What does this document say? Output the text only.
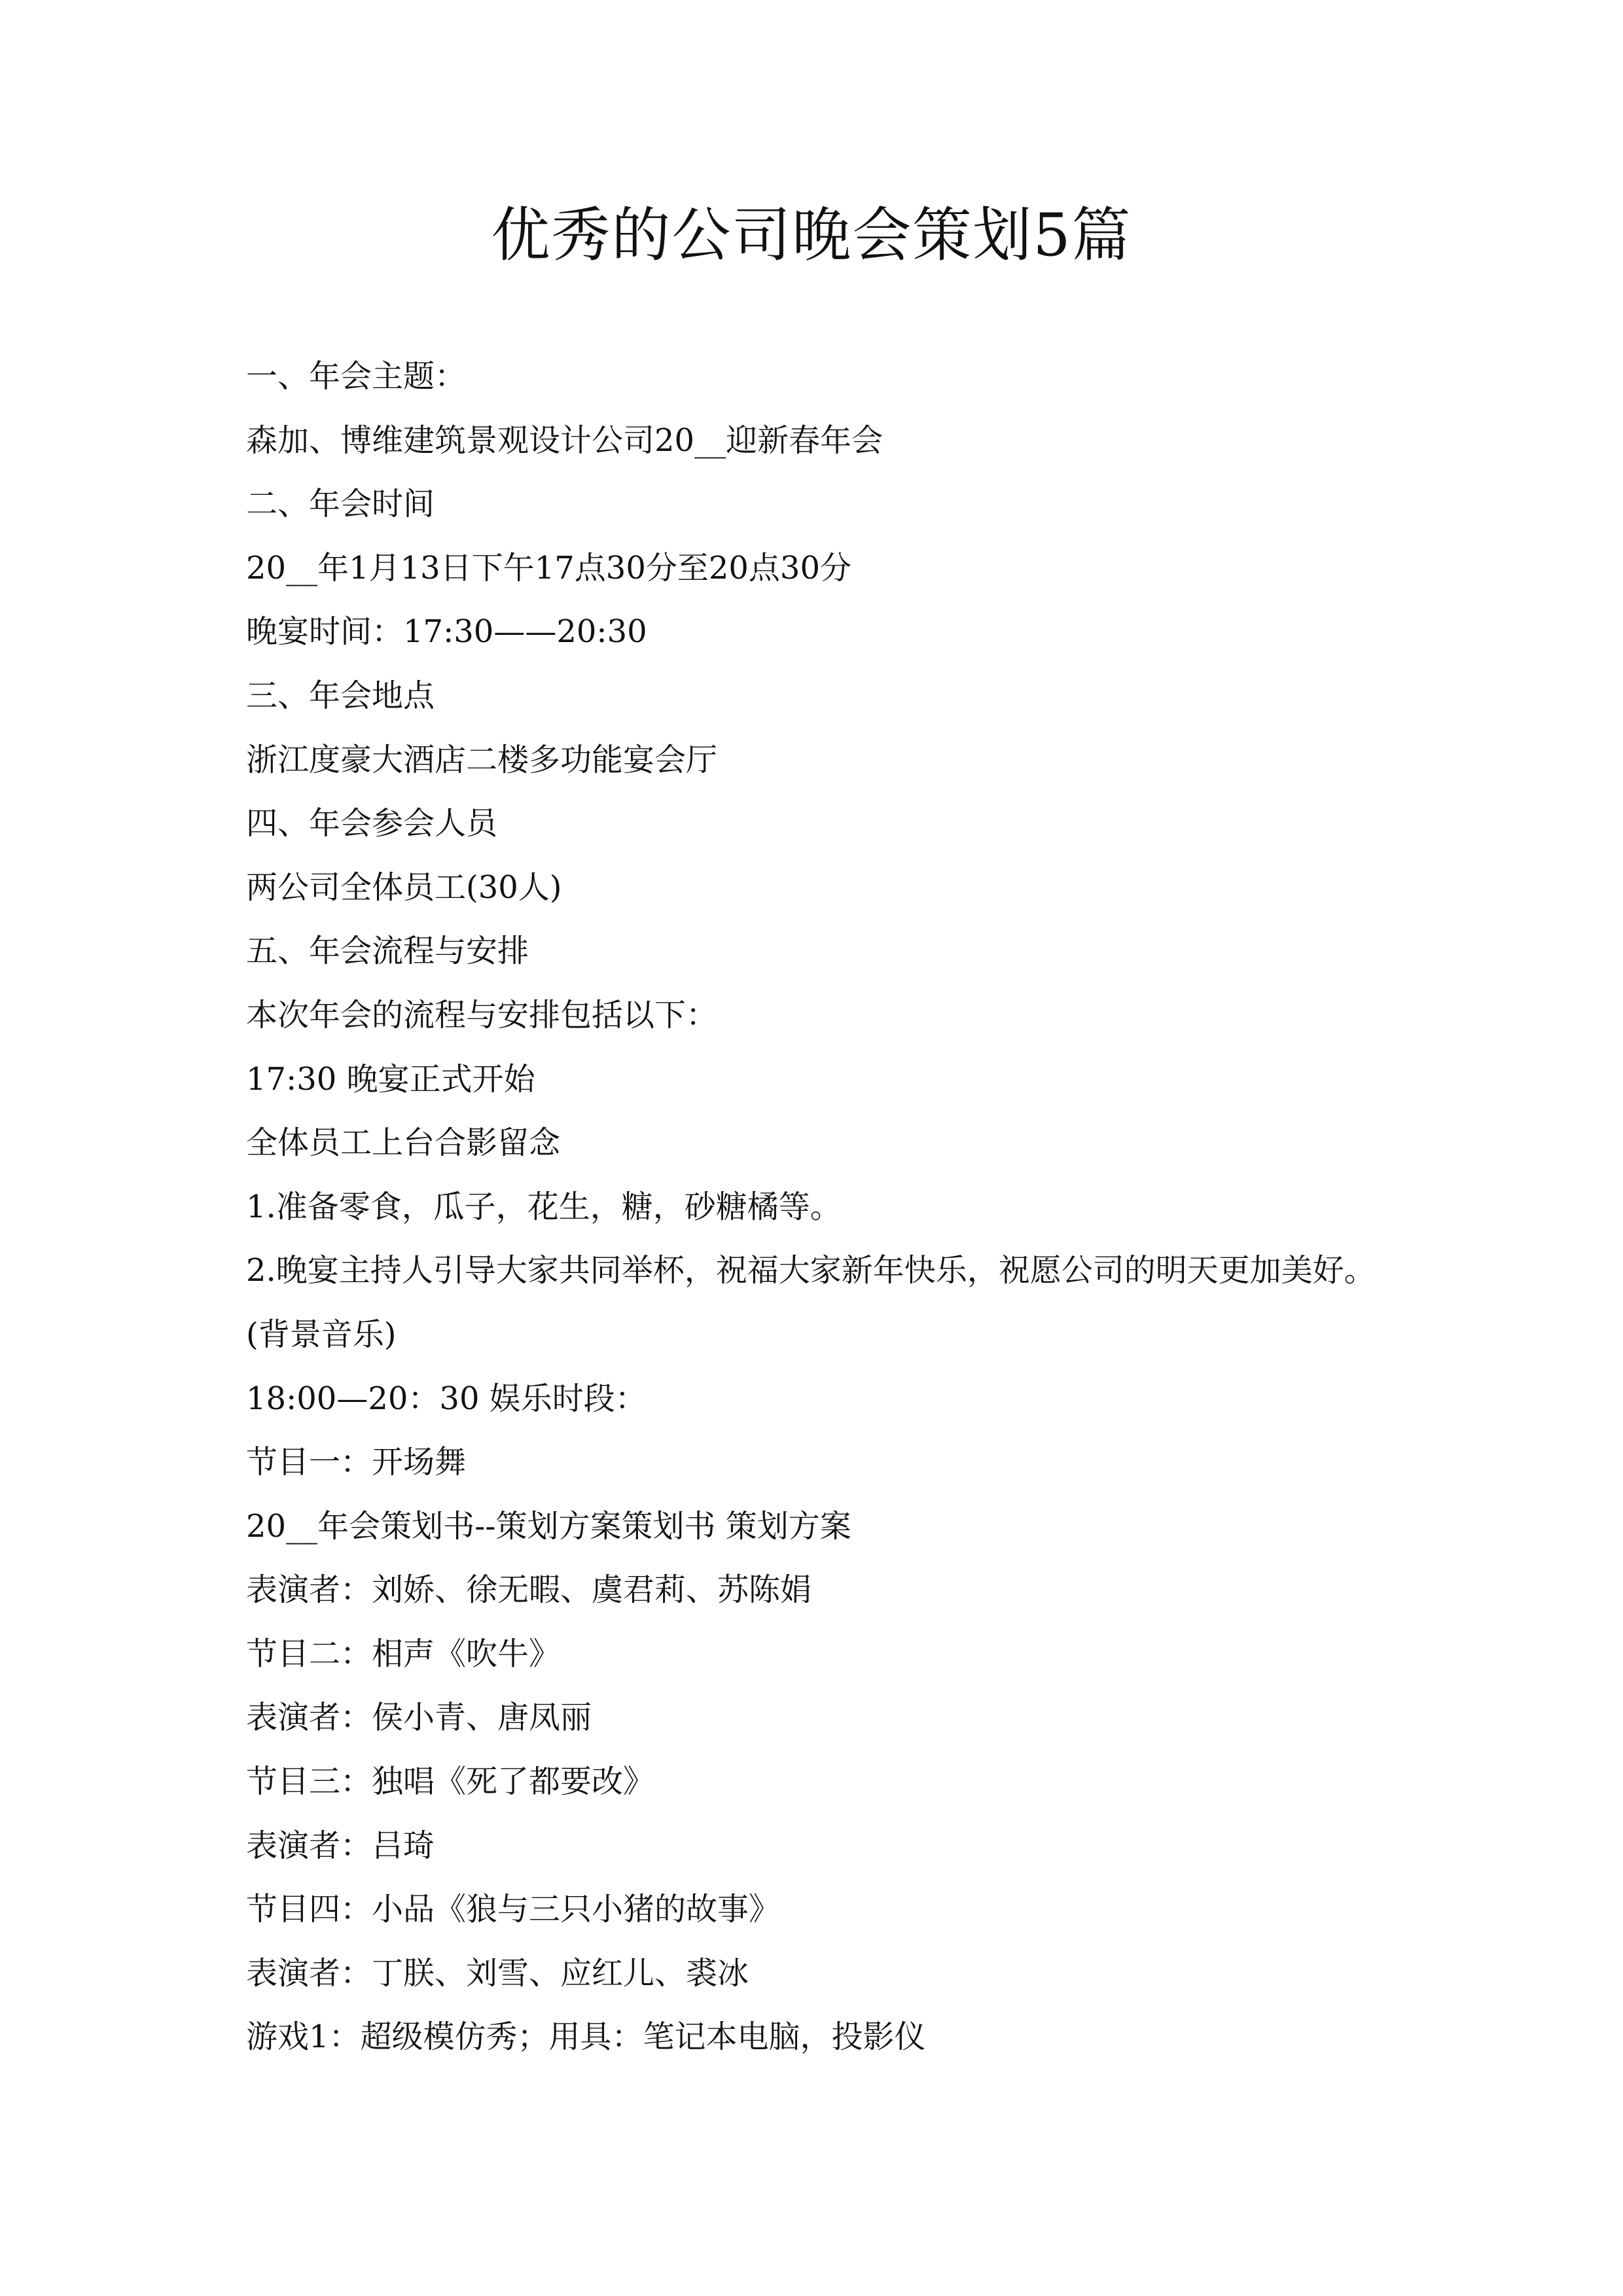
优秀的公司晚会策划5篇
一、年会主题：
森加、博维建筑景观设计公司20__迎新春年会
二、年会时间
20__年1月13日下午17点30分至20点30分
晚宴时间：17:30——20:30
三、年会地点
浙江度豪大酒店二楼多功能宴会厅
四、年会参会人员
两公司全体员工(30人)
五、年会流程与安排
本次年会的流程与安排包括以下：
17:30 晚宴正式开始
全体员工上台合影留念
1.准备零食，瓜子，花生，糖，砂糖橘等。
2.晚宴主持人引导大家共同举杯，祝福大家新年快乐，祝愿公司的明天更加美好。
(背景音乐)
18:00—20：30 娱乐时段：
节目一：开场舞
20__年会策划书--策划方案策划书 策划方案
表演者：刘娇、徐无暇、虞君莉、苏陈娟
节目二：相声《吹牛》
表演者：侯小青、唐凤丽
节目三：独唱《死了都要改》
表演者：吕琦
节目四：小品《狼与三只小猪的故事》
表演者：丁朕、刘雪、应红儿、裘冰
游戏1：超级模仿秀；用具：笔记本电脑，投影仪
